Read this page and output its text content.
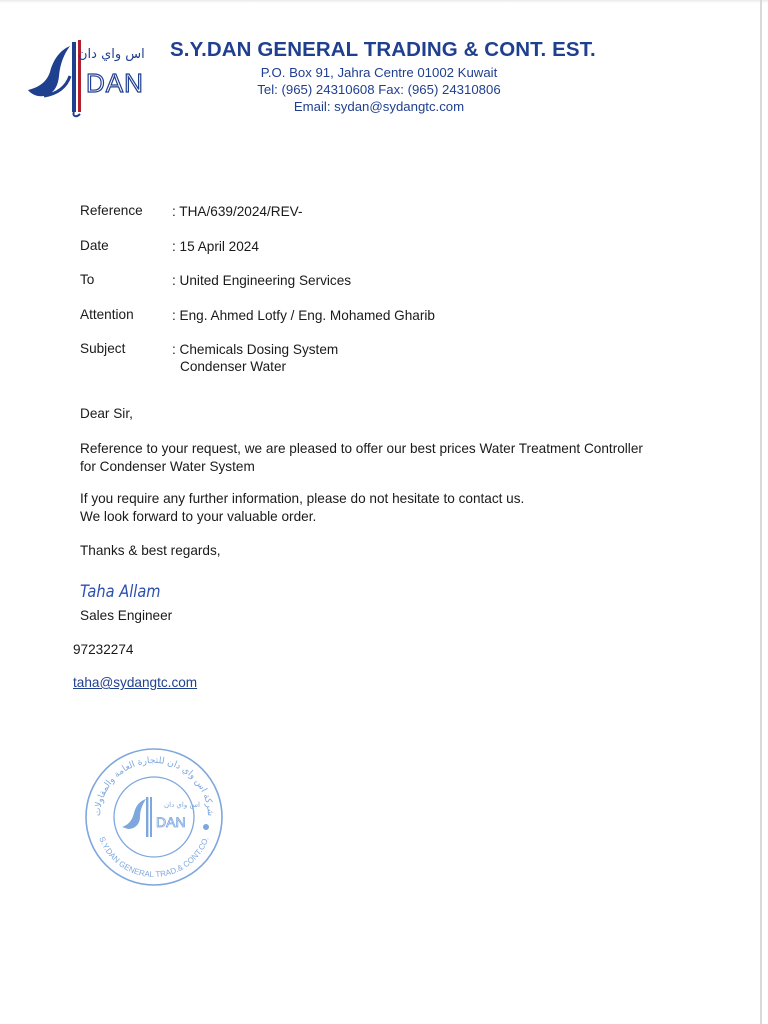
اس واي دان
DAN
S.Y.DAN GENERAL TRADING & CONT. EST.
P.O. Box 91, Jahra Centre 01002 Kuwait
Tel: (965) 24310608 Fax: (965) 24310806
Email: sydan@sydangtc.com
Reference	: THA/639/2024/REV-
Date	: 15 April 2024
To	: United Engineering Services
Attention	: Eng. Ahmed Lotfy / Eng. Mohamed Gharib
Subject	: Chemicals Dosing System
Condenser Water
Dear Sir,
Reference to your request, we are pleased to offer our best prices Water Treatment Controller
for Condenser Water System
If you require any further information, please do not hesitate to contact us.
We look forward to your valuable order.
Thanks & best regards,
Taha Allam
Sales Engineer
97232274
taha@sydangtc.com
شركة اس واي دان للتجارة العامة والمقاولات
S.Y.DAN GENERAL TRAD.& CONT.CO.
اس واي دان
DAN
